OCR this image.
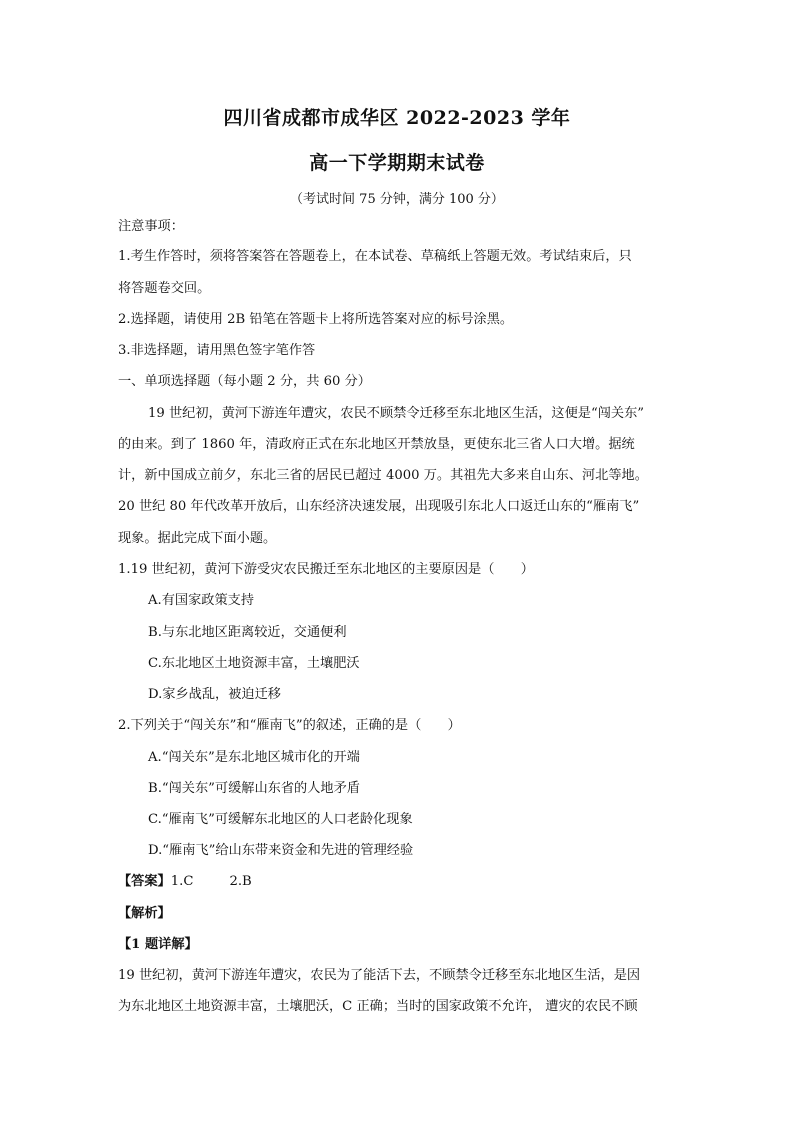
四川省成都市成华区 2022-2023 学年
高一下学期期末试卷
（考试时间 75 分钟，满分 100 分）
注意事项：
1.考生作答时，须将答案答在答题卷上，在本试卷、草稿纸上答题无效。考试结束后，只
将答题卷交回。
2.选择题，请使用 2B 铅笔在答题卡上将所选答案对应的标号涂黑。
3.非选择题，请用黑色签字笔作答
一、单项选择题（每小题 2 分，共 60 分）
19 世纪初，黄河下游连年遭灾，农民不顾禁令迁移至东北地区生活，这便是“闯关东”
的由来。到了 1860 年，清政府正式在东北地区开禁放垦，更使东北三省人口大增。据统
计，新中国成立前夕，东北三省的居民已超过 4000 万。其祖先大多来自山东、河北等地。
20 世纪 80 年代改革开放后，山东经济决速发展，出现吸引东北人口返迁山东的“雁南飞”
现象。据此完成下面小题。
1.19 世纪初，黄河下游受灾农民搬迁至东北地区的主要原因是（　　）
A.有国家政策支持
B.与东北地区距离较近，交通便利
C.东北地区土地资源丰富，土壤肥沃
D.家乡战乱，被迫迁移
2.下列关于“闯关东”和“雁南飞”的叙述，正确的是（　　）
A.“闯关东”是东北地区城市化的开端
B.“闯关东”可缓解山东省的人地矛盾
C.“雁南飞”可缓解东北地区的人口老龄化现象
D.“雁南飞”给山东带来资金和先进的管理经验
【答案】1.C	2.B
【解析】
【1 题详解】
19 世纪初，黄河下游连年遭灾，农民为了能活下去，不顾禁令迁移至东北地区生活，是因
为东北地区土地资源丰富，土壤肥沃，C 正确；当时的国家政策不允许， 遭灾的农民不顾
